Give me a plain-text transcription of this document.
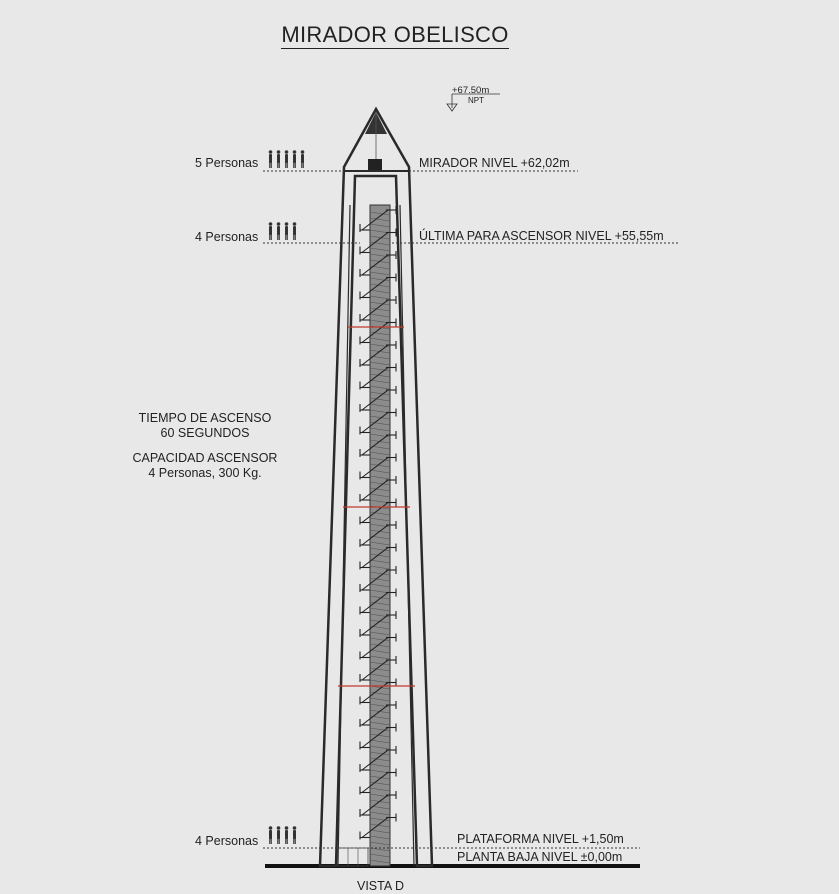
MIRADOR OBELISCO
+67.50m
NPT
MIRADOR NIVEL +62,02m
ÚLTIMA PARA ASCENSOR NIVEL +55,55m
PLATAFORMA NIVEL +1,50m
PLANTA BAJA NIVEL ±0,00m
5 Personas
4 Personas
4 Personas
TIEMPO DE ASCENSO
60 SEGUNDOS
CAPACIDAD ASCENSOR
4 Personas, 300 Kg.
VISTA D
